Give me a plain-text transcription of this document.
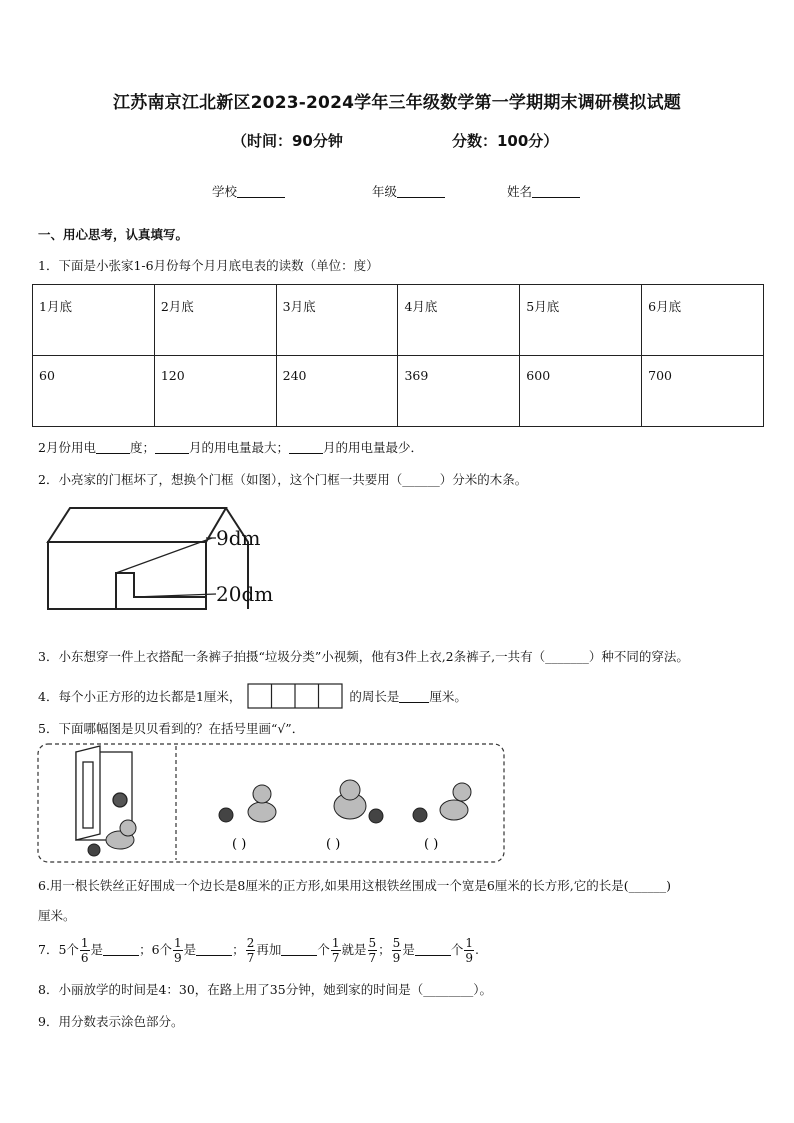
江苏南京江北新区2023-2024学年三年级数学第一学期期末调研模拟试题
（时间：90分钟	分数：100分）
学校	年级	姓名
一、用心思考，认真填写。
1．下面是小张家1-6月份每个月月底电表的读数（单位：度）
1月底	2月底	3月底	4月底	5月底	6月底
60	120	240	369	600	700
2月份用电	度；	月的用电量最大；	月的用电量最少．
2．小亮家的门框坏了，想换个门框（如图），这个门框一共要用（______）分米的木条。
9dm
20dm
3．小东想穿一件上衣搭配一条裤子拍摄“垃圾分类”小视频，他有3件上衣,2条裤子,一共有（_______）种不同的穿法。
4．每个小正方形的边长都是1厘米，	的周长是 厘米。
5．下面哪幅图是贝贝看到的？在括号里画“√”．
( )	( )	( )
6.用一根长铁丝正好围成一个边长是8厘米的正方形,如果用这根铁丝围成一个宽是6厘米的长方形,它的长是(______)
厘米。
7．5个 $\frac{1}{6}$ 是	；6个 $\frac{1}{9}$ 是	； $\frac{2}{7}$ 再加	个 $\frac{1}{7}$ 就是 $\frac{5}{7}$ ； $\frac{5}{9}$ 是	个 $\frac{1}{9}$ .
8．小丽放学的时间是4：30，在路上用了35分钟，她到家的时间是（________）。
9．用分数表示涂色部分。
